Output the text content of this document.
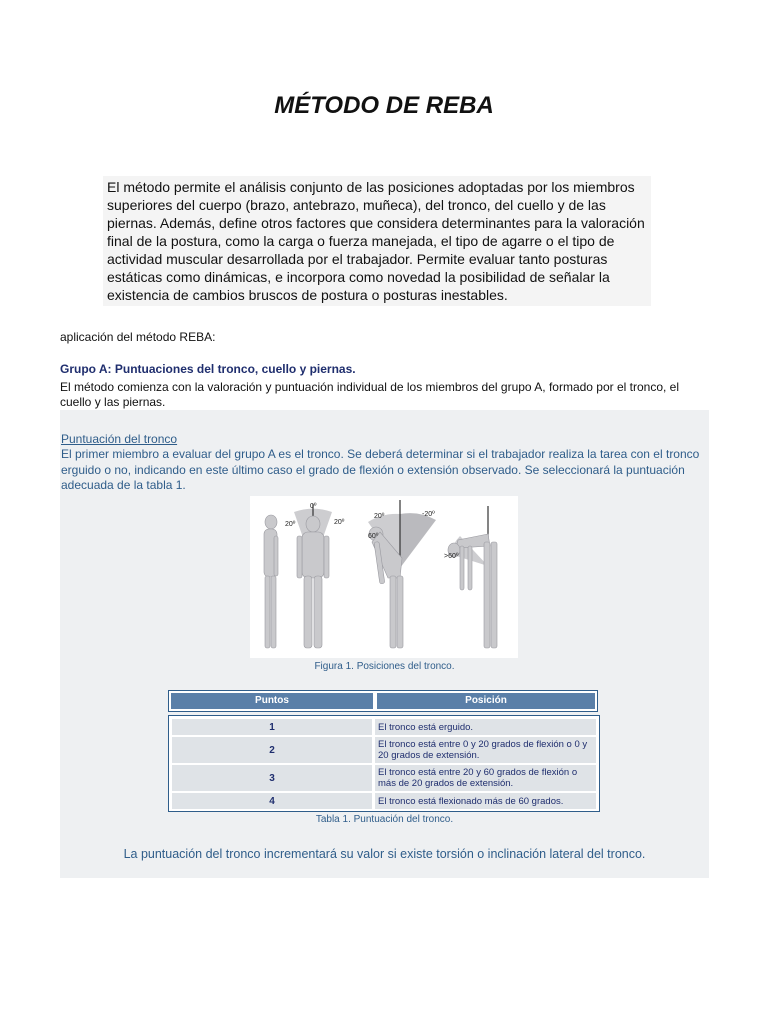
MÉTODO DE REBA
El método permite el análisis conjunto de las posiciones adoptadas por los miembros superiores del cuerpo (brazo, antebrazo, muñeca), del tronco, del cuello y de las piernas. Además, define otros factores que considera determinantes para la valoración final de la postura, como la carga o fuerza manejada, el tipo de agarre o el tipo de actividad muscular desarrollada por el trabajador. Permite evaluar tanto posturas estáticas como dinámicas, e incorpora como novedad la posibilidad de señalar la existencia de cambios bruscos de postura o posturas inestables.
aplicación del método REBA:
Grupo A: Puntuaciones del tronco, cuello y piernas.
El método comienza con la valoración y puntuación individual de los miembros del grupo A, formado por el tronco, el cuello y las piernas.
Puntuación del tronco
El primer miembro a evaluar del grupo A es el tronco. Se deberá determinar si el trabajador realiza la tarea con el tronco erguido o no, indicando en este último caso el grado de flexión o extensión observado. Se seleccionará la puntuación adecuada de la tabla 1.
0º
20º	20º
20º	-20º
60º
>60º
Figura 1. Posiciones del tronco.
Puntos	Posición
1	El tronco está erguido.
2	El tronco está entre 0 y 20 grados de flexión o 0 y 20 grados de extensión.
3	El tronco está entre 20 y 60 grados de flexión o más de 20 grados de extensión.
4	El tronco está flexionado más de 60 grados.
Tabla 1. Puntuación del tronco.
La puntuación del tronco incrementará su valor si existe torsión o inclinación lateral del tronco.
